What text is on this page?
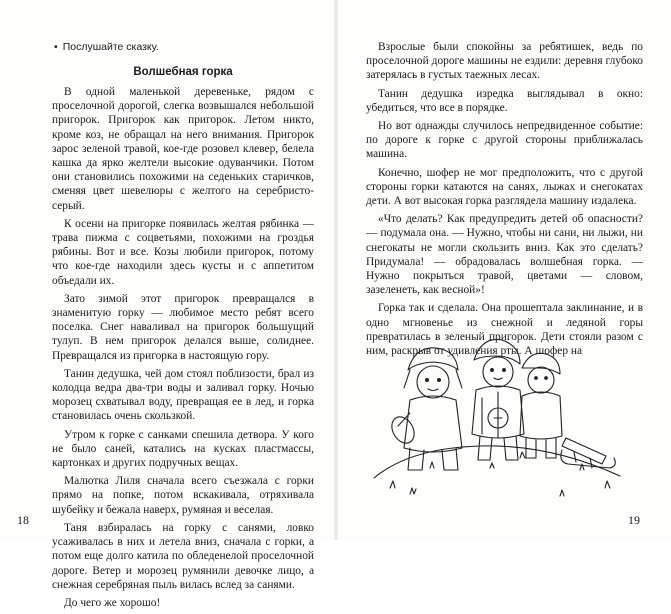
• Послушайте сказку.
Волшебная горка

В одной маленькой деревеньке, рядом с проселочной дорогой, слегка возвышался небольшой пригорок. Пригорок как пригорок. Летом никто, кроме коз, не обращал на него внимания. Пригорок зарос зеленой травой, кое-где розовел клевер, белела кашка да ярко желтели высокие одуванчики. Потом они становились похожими на седеньких старичков, сменяя цвет шевелюры с желтого на серебристо-серый.

К осени на пригорке появилась желтая рябинка — трава пижма с соцветьями, похожими на гроздья рябины. Вот и все. Козы любили пригорок, потому что кое-где находили здесь кусты и с аппетитом объедали их.

Зато зимой этот пригорок превращался в знаменитую горку — любимое место ребят всего поселка. Снег наваливал на пригорок большущий тулуп. В нем пригорок делался выше, солиднее. Превращался из пригорка в настоящую гору.

Танин дедушка, чей дом стоял поблизости, брал из колодца ведра два-три воды и заливал горку. Ночью морозец схватывал воду, превращая ее в лед, и горка становилась очень скользкой.

Утром к горке с санками спешила детвора. У кого не было саней, катались на кусках пластмассы, картонках и других подручных вещах.

Малютка Лиля сначала всего съезжала с горки прямо на попке, потом вскакивала, отряхивала шубейку и бежала наверх, румяная и веселая.

Таня взбиралась на горку с санями, ловко усаживалась в них и летела вниз, сначала с горки, а потом еще долго катила по обледенелой проселочной дороге. Ветер и морозец румянили девочке лицо, а снежная серебряная пыль вилась вслед за санями.

До чего же хорошо!

18

Взрослые были спокойны за ребятишек, ведь по проселочной дороге машины не ездили: деревня глубоко затерялась в густых таежных лесах.

Танин дедушка изредка выглядывал в окно: убедиться, что все в порядке.

Но вот однажды случилось непредвиденное событие: по дороге к горке с другой стороны приближалась машина.

Конечно, шофер не мог предположить, что с другой стороны горки катаются на санях, лыжах и снегокатах дети. А вот высокая горка разглядела машину издалека.

«Что делать? Как предупредить детей об опасности? — подумала она. — Нужно, чтобы ни сани, ни лыжи, ни снегокаты не могли скользить вниз. Как это сделать? Придумала! — обрадовалась волшебная горка. — Нужно покрыться травой, цветами — словом, зазеленеть, как весной»!

Горка так и сделала. Она прошептала заклинание, и в одно мгновенье из снежной и ледяной горы превратилась в зеленый пригорок. Дети стояли разом с ним, раскрыв от удивления рты. А шофер на

19
